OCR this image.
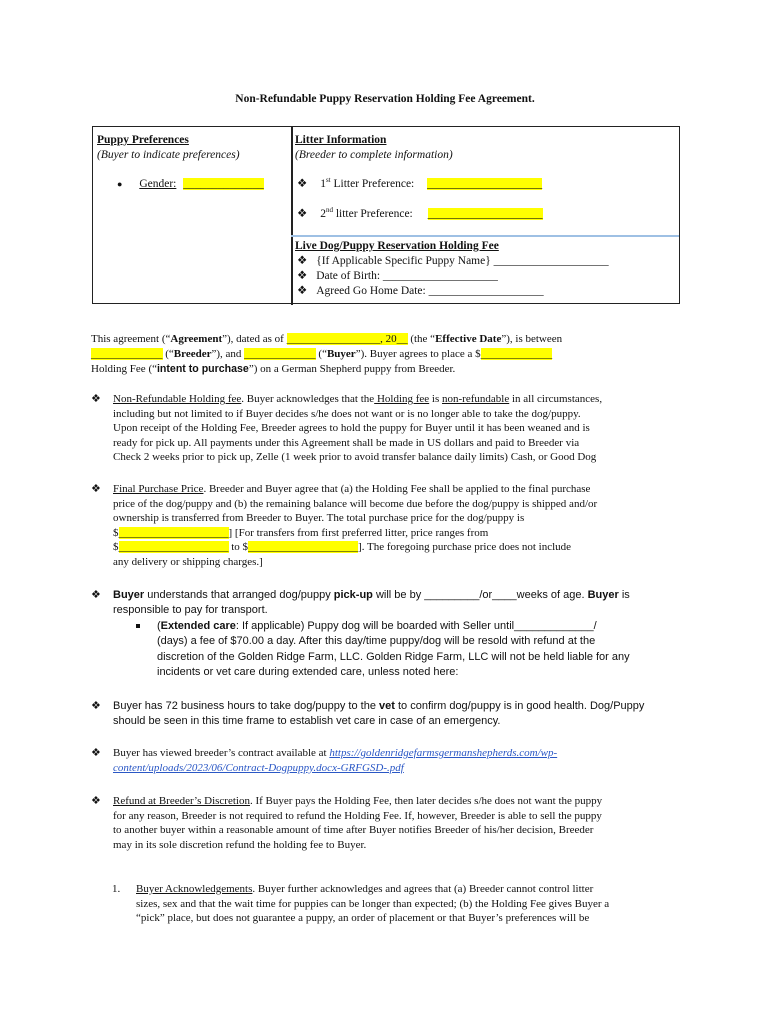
Non-Refundable Puppy Reservation Holding Fee Agreement.
Puppy Preferences
(Buyer to indicate preferences)
● Gender: ______________
Litter Information
(Breeder to complete information)
❖ 1st Litter Preference: ____________________
❖ 2nd litter Preference: ____________________
Live Dog/Puppy Reservation Holding Fee
❖ {If Applicable Specific Puppy Name} ____________________
❖ Date of Birth: ____________________
❖ Agreed Go Home Date: ____________________
This agreement (“Agreement”), dated as of _________________, 20__ (the “Effective Date”), is between
_____________ (“Breeder”), and _____________ (“Buyer”). Buyer agrees to place a $_____________
Holding Fee (“intent to purchase”) on a German Shepherd puppy from Breeder.
❖ Non-Refundable Holding fee. Buyer acknowledges that the Holding fee is non-refundable in all circumstances,
including but not limited to if Buyer decides s/he does not want or is no longer able to take the dog/puppy.
Upon receipt of the Holding Fee, Breeder agrees to hold the puppy for Buyer until it has been weaned and is
ready for pick up. All payments under this Agreement shall be made in US dollars and paid to Breeder via
Check 2 weeks prior to pick up, Zelle (1 week prior to avoid transfer balance daily limits) Cash, or Good Dog
❖ Final Purchase Price. Breeder and Buyer agree that (a) the Holding Fee shall be applied to the final purchase
price of the dog/puppy and (b) the remaining balance will become due before the dog/puppy is shipped and/or
ownership is transferred from Breeder to Buyer. The total purchase price for the dog/puppy is
$____________________] [For transfers from first preferred litter, price ranges from
$____________________ to $____________________]. The foregoing purchase price does not include
any delivery or shipping charges.]
❖ Buyer understands that arranged dog/puppy pick-up will be by _________/or____weeks of age. Buyer is
responsible to pay for transport.
(Extended care: If applicable) Puppy dog will be boarded with Seller until_____________/
(days) a fee of $70.00 a day. After this day/time puppy/dog will be resold with refund at the
discretion of the Golden Ridge Farm, LLC. Golden Ridge Farm, LLC will not be held liable for any
incidents or vet care during extended care, unless noted here:
❖ Buyer has 72 business hours to take dog/puppy to the vet to confirm dog/puppy is in good health. Dog/Puppy
should be seen in this time frame to establish vet care in case of an emergency.
❖ Buyer has viewed breeder’s contract available at https://goldenridgefarmsgermanshepherds.com/wp-
content/uploads/2023/06/Contract-Dogpuppy.docx-GRFGSD-.pdf
❖ Refund at Breeder’s Discretion. If Buyer pays the Holding Fee, then later decides s/he does not want the puppy
for any reason, Breeder is not required to refund the Holding Fee. If, however, Breeder is able to sell the puppy
to another buyer within a reasonable amount of time after Buyer notifies Breeder of his/her decision, Breeder
may in its sole discretion refund the holding fee to Buyer.
1. Buyer Acknowledgements. Buyer further acknowledges and agrees that (a) Breeder cannot control litter
sizes, sex and that the wait time for puppies can be longer than expected; (b) the Holding Fee gives Buyer a
“pick” place, but does not guarantee a puppy, an order of placement or that Buyer’s preferences will be
